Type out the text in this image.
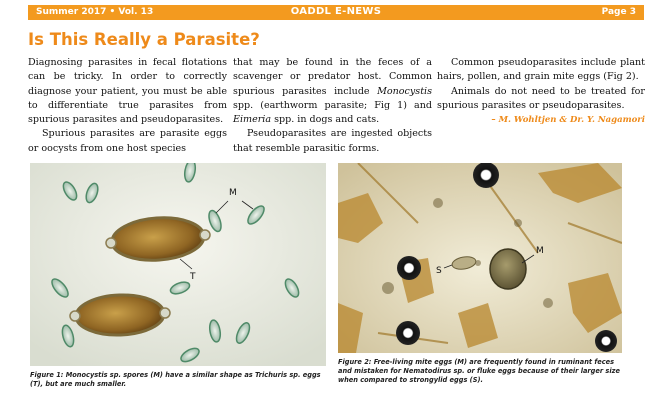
Summer 2017 • Vol. 13	OADDL E-NEWS	Page 3
Is This Really a Parasite?

Diagnosing parasites in fecal flotations can be tricky. In order to correctly diagnose your patient, you must be able to differentiate true parasites from spurious parasites and pseudoparasites.

Spurious parasites are parasite eggs or oocysts from one host species

that may be found in the feces of a scavenger or predator host. Common spurious parasites include Monocystis spp. (earthworm parasite; Fig 1) and Eimeria spp. in dogs and cats.

Pseudoparasites are ingested objects that resemble parasitic forms.

Common pseudoparasites include plant hairs, pollen, and grain mite eggs (Fig 2).

Animals do not need to be treated for spurious parasites or pseudoparasites.

– M. Wohltjen & Dr. Y. Nagamori

M
T
Figure 1: Monocystis sp. spores (M) have a similar shape as Trichuris sp. eggs (T), but are much smaller.
M
S
Figure 2: Free-living mite eggs (M) are frequently found in ruminant feces and mistaken for Nematodirus sp. or fluke eggs because of their larger size when compared to strongylid eggs (S).
